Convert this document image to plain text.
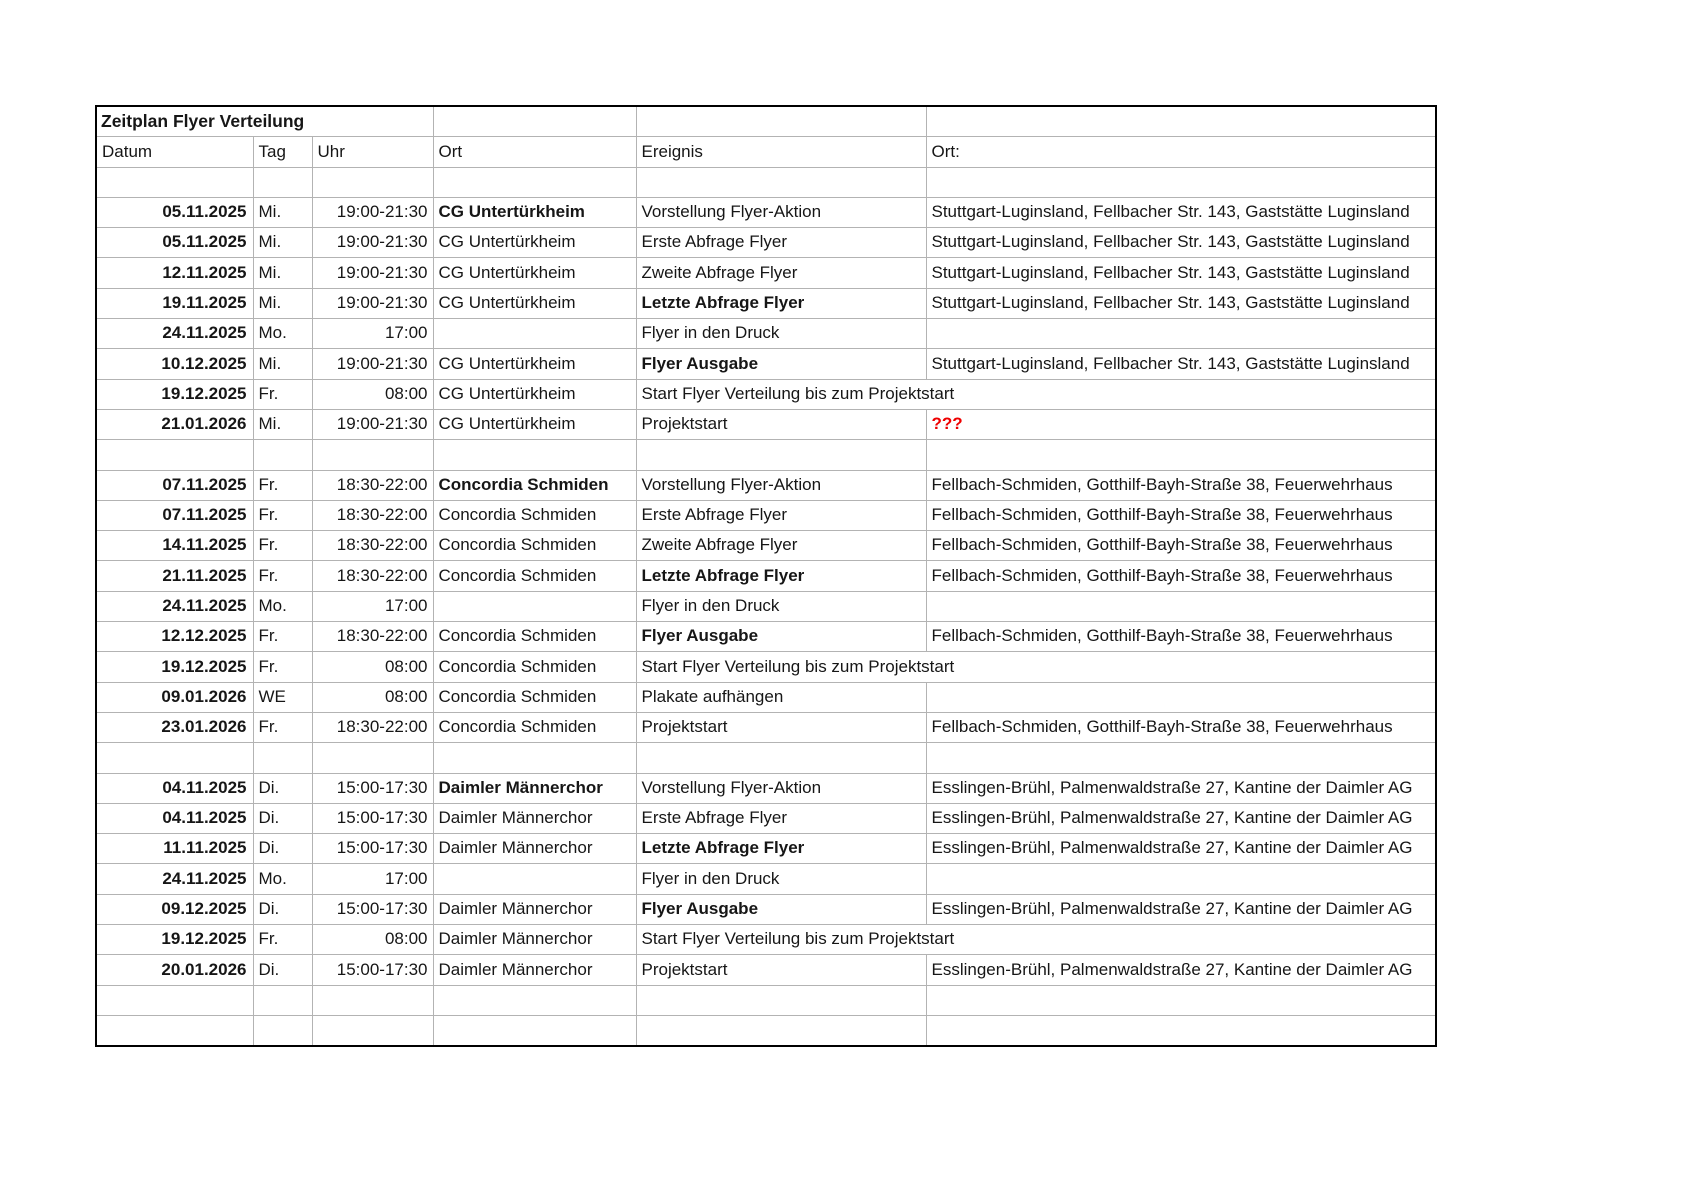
Zeitplan Flyer Verteilung					
Datum	Tag	Uhr	Ort	Ereignis	Ort:

05.11.2025	Mi.	19:00-21:30	CG Untertürkheim	Vorstellung Flyer-Aktion	Stuttgart-Luginsland, Fellbacher Str. 143, Gaststätte Luginsland
05.11.2025	Mi.	19:00-21:30	CG Untertürkheim	Erste Abfrage Flyer	Stuttgart-Luginsland, Fellbacher Str. 143, Gaststätte Luginsland
12.11.2025	Mi.	19:00-21:30	CG Untertürkheim	Zweite Abfrage Flyer	Stuttgart-Luginsland, Fellbacher Str. 143, Gaststätte Luginsland
19.11.2025	Mi.	19:00-21:30	CG Untertürkheim	Letzte Abfrage Flyer	Stuttgart-Luginsland, Fellbacher Str. 143, Gaststätte Luginsland
24.11.2025	Mo.	17:00		Flyer in den Druck	
10.12.2025	Mi.	19:00-21:30	CG Untertürkheim	Flyer Ausgabe	Stuttgart-Luginsland, Fellbacher Str. 143, Gaststätte Luginsland
19.12.2025	Fr.	08:00	CG Untertürkheim	Start Flyer Verteilung bis zum Projektstart	
21.01.2026	Mi.	19:00-21:30	CG Untertürkheim	Projektstart	???

07.11.2025	Fr.	18:30-22:00	Concordia Schmiden	Vorstellung Flyer-Aktion	Fellbach-Schmiden, Gotthilf-Bayh-Straße 38, Feuerwehrhaus
07.11.2025	Fr.	18:30-22:00	Concordia Schmiden	Erste Abfrage Flyer	Fellbach-Schmiden, Gotthilf-Bayh-Straße 38, Feuerwehrhaus
14.11.2025	Fr.	18:30-22:00	Concordia Schmiden	Zweite Abfrage Flyer	Fellbach-Schmiden, Gotthilf-Bayh-Straße 38, Feuerwehrhaus
21.11.2025	Fr.	18:30-22:00	Concordia Schmiden	Letzte Abfrage Flyer	Fellbach-Schmiden, Gotthilf-Bayh-Straße 38, Feuerwehrhaus
24.11.2025	Mo.	17:00		Flyer in den Druck	
12.12.2025	Fr.	18:30-22:00	Concordia Schmiden	Flyer Ausgabe	Fellbach-Schmiden, Gotthilf-Bayh-Straße 38, Feuerwehrhaus
19.12.2025	Fr.	08:00	Concordia Schmiden	Start Flyer Verteilung bis zum Projektstart	
09.01.2026	WE	08:00	Concordia Schmiden	Plakate aufhängen	
23.01.2026	Fr.	18:30-22:00	Concordia Schmiden	Projektstart	Fellbach-Schmiden, Gotthilf-Bayh-Straße 38, Feuerwehrhaus

04.11.2025	Di.	15:00-17:30	Daimler Männerchor	Vorstellung Flyer-Aktion	Esslingen-Brühl, Palmenwaldstraße 27, Kantine der Daimler AG
04.11.2025	Di.	15:00-17:30	Daimler Männerchor	Erste Abfrage Flyer	Esslingen-Brühl, Palmenwaldstraße 27, Kantine der Daimler AG
11.11.2025	Di.	15:00-17:30	Daimler Männerchor	Letzte Abfrage Flyer	Esslingen-Brühl, Palmenwaldstraße 27, Kantine der Daimler AG
24.11.2025	Mo.	17:00		Flyer in den Druck	
09.12.2025	Di.	15:00-17:30	Daimler Männerchor	Flyer Ausgabe	Esslingen-Brühl, Palmenwaldstraße 27, Kantine der Daimler AG
19.12.2025	Fr.	08:00	Daimler Männerchor	Start Flyer Verteilung bis zum Projektstart	
20.01.2026	Di.	15:00-17:30	Daimler Männerchor	Projektstart	Esslingen-Brühl, Palmenwaldstraße 27, Kantine der Daimler AG
